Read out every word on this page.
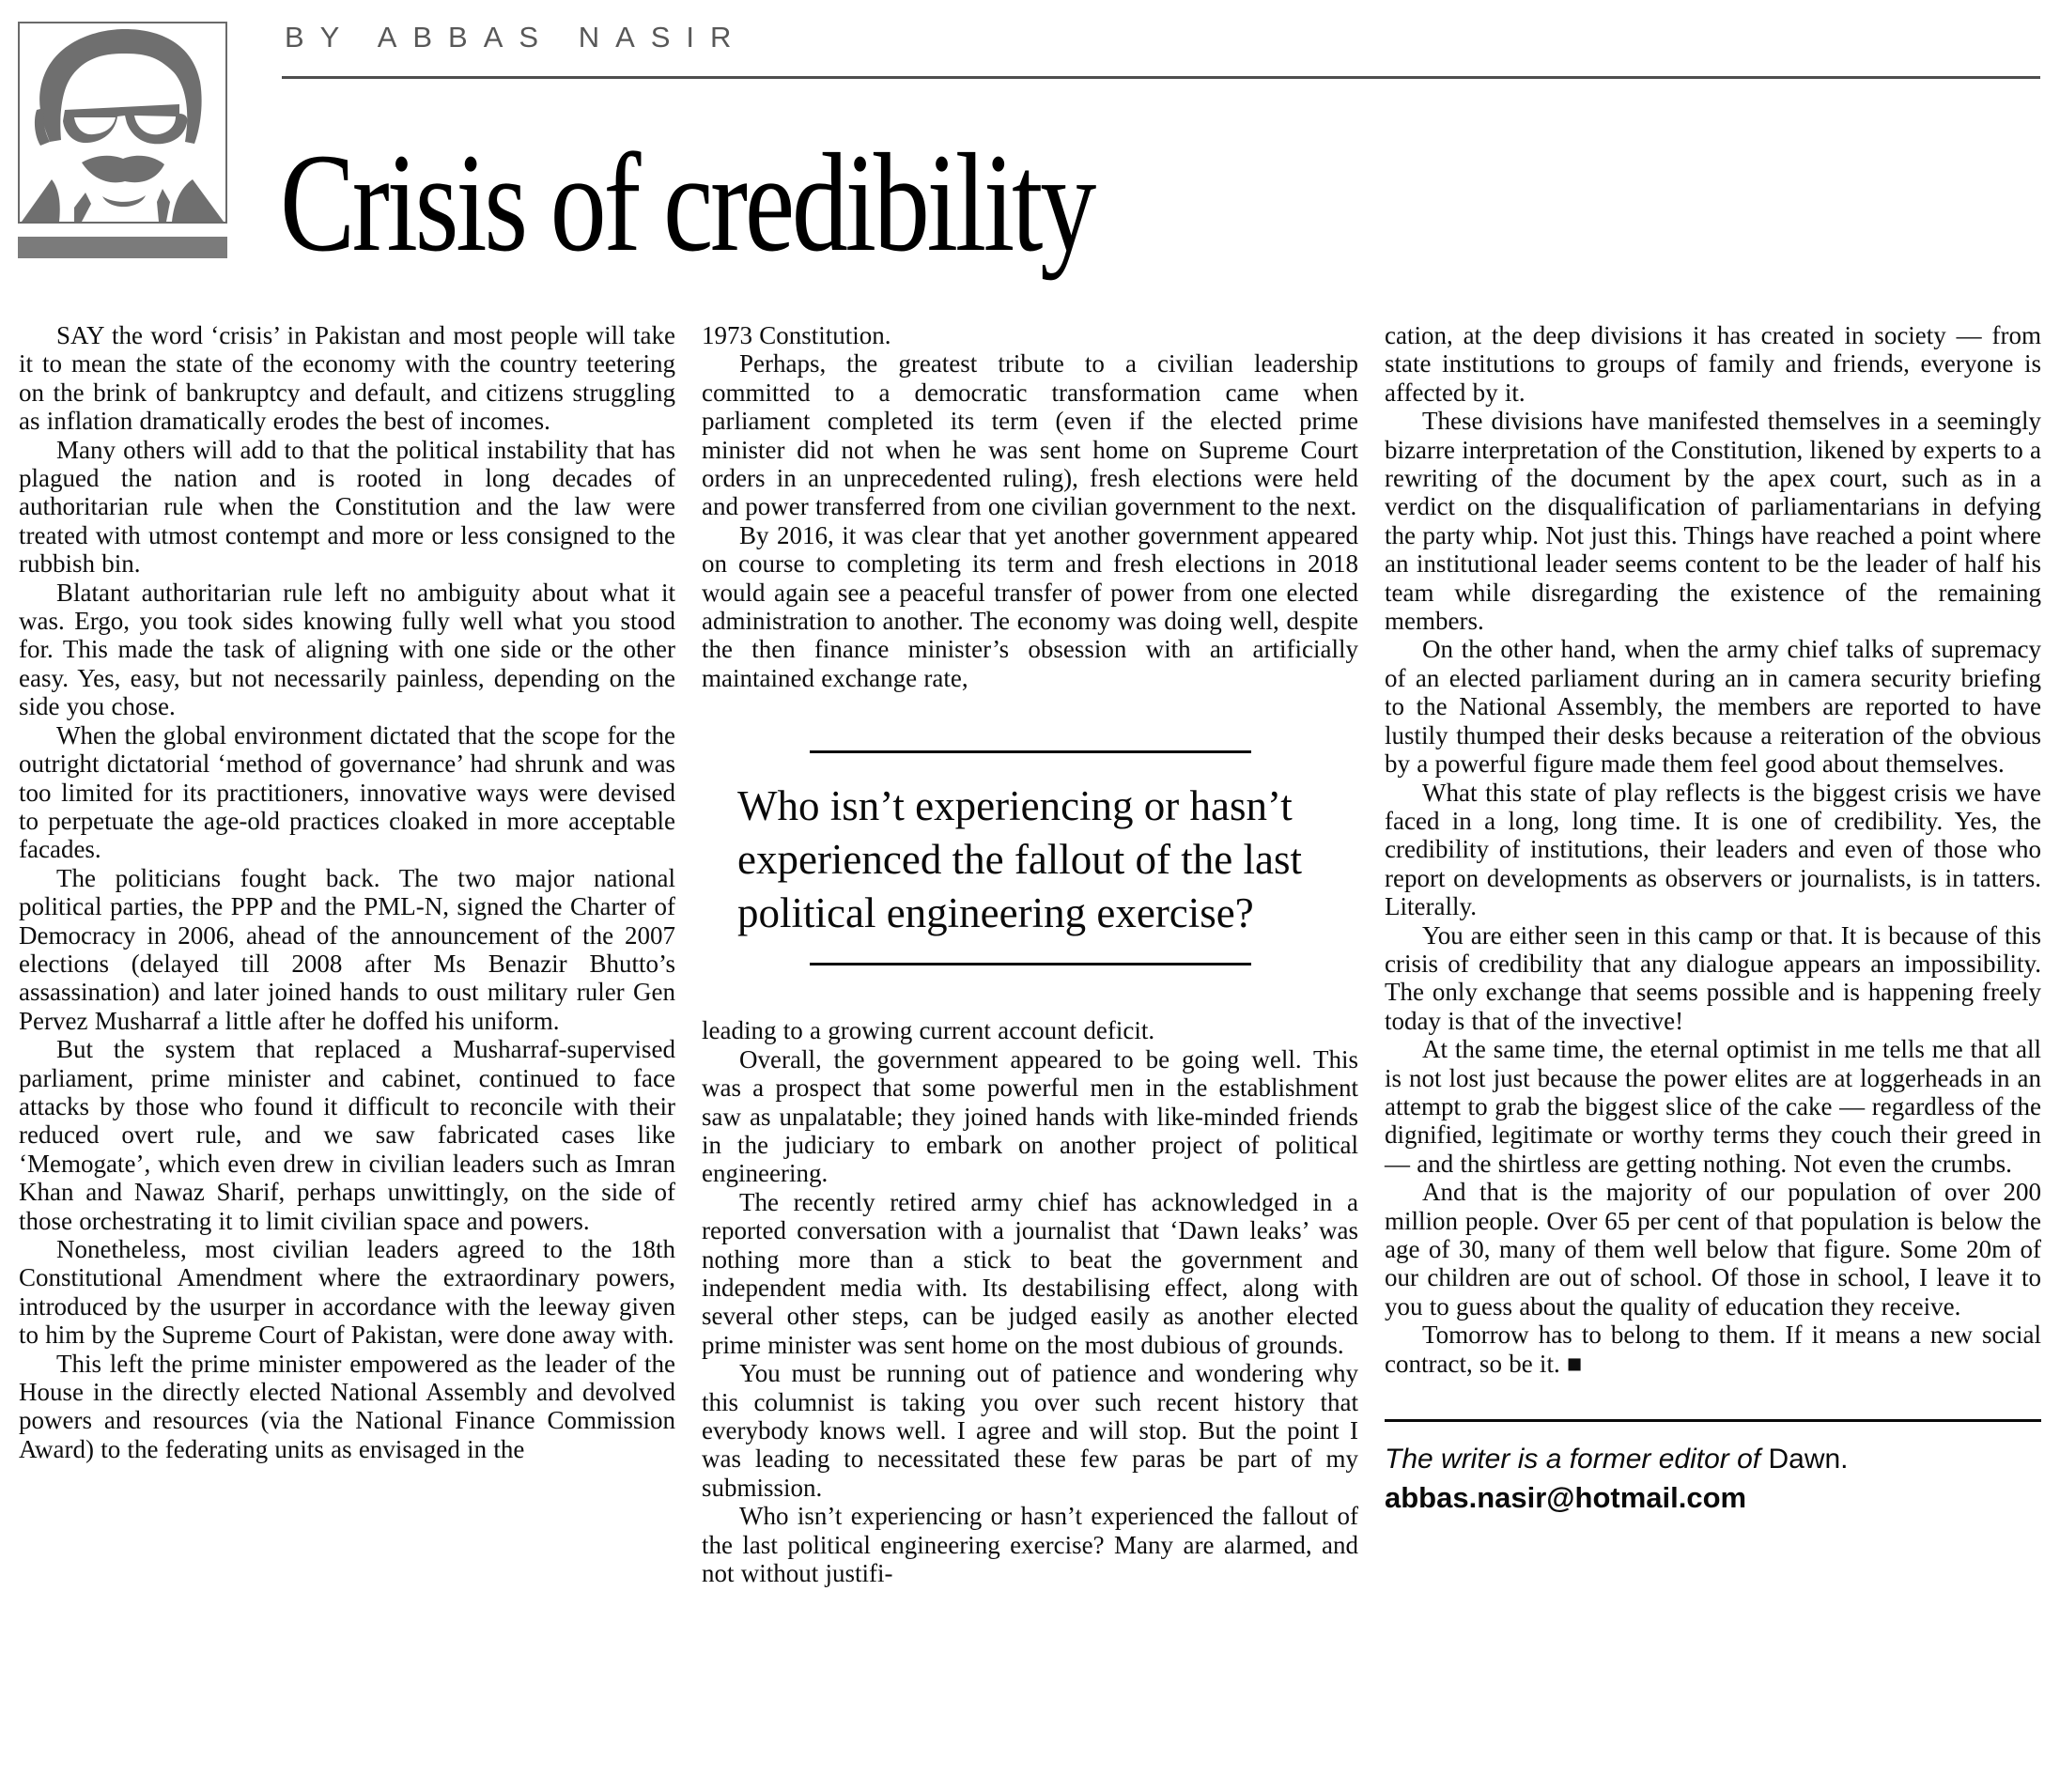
BY ABBAS NASIR
Crisis of credibility

SAY the word ‘crisis’ in Pakistan and most people will take it to mean the state of the economy with the country teetering on the brink of bankruptcy and default, and citizens struggling as inflation dramatically erodes the best of incomes.

Many others will add to that the political instability that has plagued the nation and is rooted in long decades of authoritarian rule when the Constitution and the law were treated with utmost contempt and more or less consigned to the rubbish bin.

Blatant authoritarian rule left no ambiguity about what it was. Ergo, you took sides knowing fully well what you stood for. This made the task of aligning with one side or the other easy. Yes, easy, but not necessarily painless, depending on the side you chose.

When the global environment dictated that the scope for the outright dictatorial ‘method of governance’ had shrunk and was too limited for its practitioners, innovative ways were devised to perpetuate the age-old practices cloaked in more acceptable facades.

The politicians fought back. The two major national political parties, the PPP and the PML-N, signed the Charter of Democracy in 2006, ahead of the announcement of the 2007 elections (delayed till 2008 after Ms Benazir Bhutto’s assassination) and later joined hands to oust military ruler Gen Pervez Musharraf a little after he doffed his uniform.

But the system that replaced a Musharraf-supervised parliament, prime minister and cabinet, continued to face attacks by those who found it difficult to reconcile with their reduced overt rule, and we saw fabricated cases like ‘Memogate’, which even drew in civilian leaders such as Imran Khan and Nawaz Sharif, perhaps unwittingly, on the side of those orchestrating it to limit civilian space and powers.

Nonetheless, most civilian leaders agreed to the 18th Constitutional Amendment where the extraordinary powers, introduced by the usurper in accordance with the leeway given to him by the Supreme Court of Pakistan, were done away with.

This left the prime minister empowered as the leader of the House in the directly elected National Assembly and devolved powers and resources (via the National Finance Commission Award) to the federating units as envisaged in the

1973 Constitution.

Perhaps, the greatest tribute to a civilian leadership committed to a democratic transformation came when parliament completed its term (even if the elected prime minister did not when he was sent home on Supreme Court orders in an unprecedented ruling), fresh elections were held and power transferred from one civilian government to the next.

By 2016, it was clear that yet another government appeared on course to completing its term and fresh elections in 2018 would again see a peaceful transfer of power from one elected administration to another. The economy was doing well, despite the then finance minister’s obsession with an artificially maintained exchange rate,

Who isn’t experiencing or hasn’t experienced the fallout of the last political engineering exercise?

leading to a growing current account deficit.

Overall, the government appeared to be going well. This was a prospect that some powerful men in the establishment saw as unpalatable; they joined hands with like-minded friends in the judiciary to embark on another project of political engineering.

The recently retired army chief has acknowledged in a reported conversation with a journalist that ‘Dawn leaks’ was nothing more than a stick to beat the government and independent media with. Its destabilising effect, along with several other steps, can be judged easily as another elected prime minister was sent home on the most dubious of grounds.

You must be running out of patience and wondering why this columnist is taking you over such recent history that everybody knows well. I agree and will stop. But the point I was leading to necessitated these few paras be part of my submission.

Who isn’t experiencing or hasn’t experienced the fallout of the last political engineering exercise? Many are alarmed, and not without justifi-

cation, at the deep divisions it has created in society — from state institutions to groups of family and friends, everyone is affected by it.

These divisions have manifested themselves in a seemingly bizarre interpretation of the Constitution, likened by experts to a rewriting of the document by the apex court, such as in a verdict on the disqualification of parliamentarians in defying the party whip. Not just this. Things have reached a point where an institutional leader seems content to be the leader of half his team while disregarding the existence of the remaining members.

On the other hand, when the army chief talks of supremacy of an elected parliament during an in camera security briefing to the National Assembly, the members are reported to have lustily thumped their desks because a reiteration of the obvious by a powerful figure made them feel good about themselves.

What this state of play reflects is the biggest crisis we have faced in a long, long time. It is one of credibility. Yes, the credibility of institutions, their leaders and even of those who report on developments as observers or journalists, is in tatters. Literally.

You are either seen in this camp or that. It is because of this crisis of credibility that any dialogue appears an impossibility. The only exchange that seems possible and is happening freely today is that of the invective!

At the same time, the eternal optimist in me tells me that all is not lost just because the power elites are at loggerheads in an attempt to grab the biggest slice of the cake — regardless of the dignified, legitimate or worthy terms they couch their greed in — and the shirtless are getting nothing. Not even the crumbs.

And that is the majority of our population of over 200 million people. Over 65 per cent of that population is below the age of 30, many of them well below that figure. Some 20m of our children are out of school. Of those in school, I leave it to you to guess about the quality of education they receive.

Tomorrow has to belong to them. If it means a new social contract, so be it. ■

The writer is a former editor of Dawn.
abbas.nasir@hotmail.com
